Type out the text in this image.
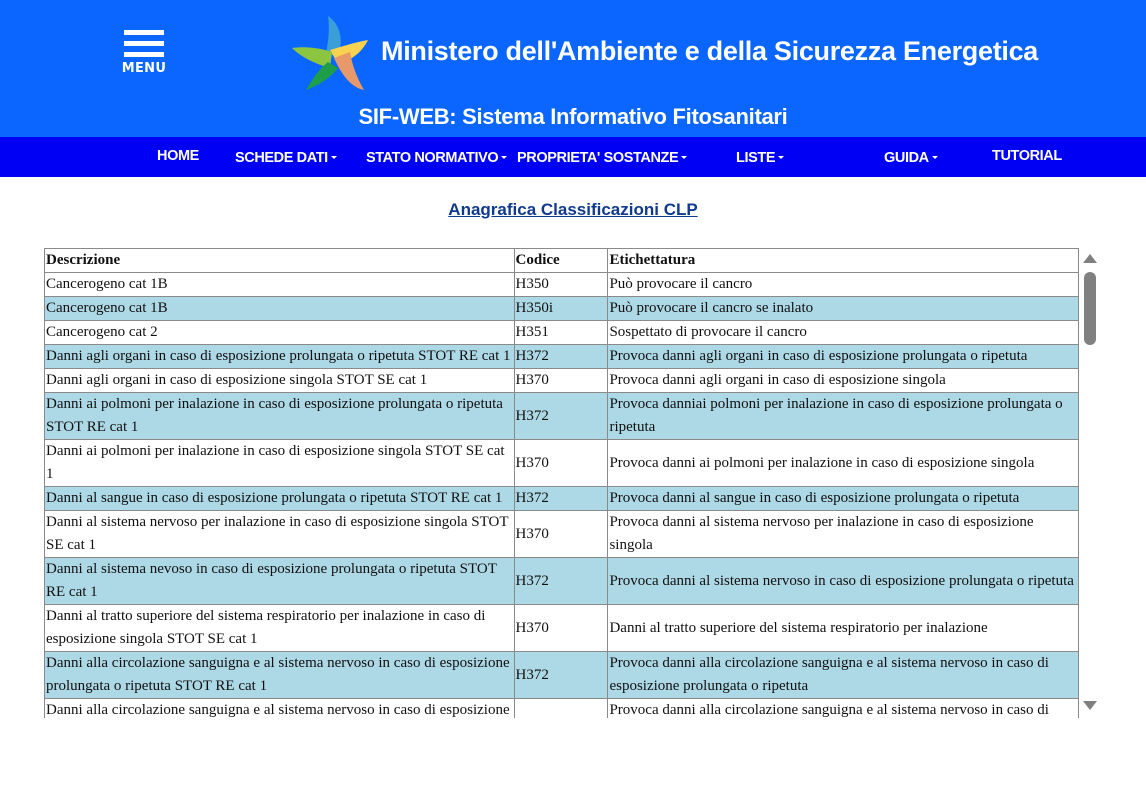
MENU
Ministero dell'Ambiente e della Sicurezza Energetica
SIF-WEB: Sistema Informativo Fitosanitari
HOME SCHEDE DATI	STATO NORMATIVO	PROPRIETA' SOSTANZE	LISTE	GUIDA	TUTORIAL
Anagrafica Classificazioni CLP
Descrizione	Codice	Etichettatura
Cancerogeno cat 1B	H350	Può provocare il cancro
Cancerogeno cat 1B	H350i	Può provocare il cancro se inalato
Cancerogeno cat 2	H351	Sospettato di provocare il cancro
Danni agli organi in caso di esposizione prolungata o ripetuta STOT RE cat 1	H372	Provoca danni agli organi in caso di esposizione prolungata o ripetuta
Danni agli organi in caso di esposizione singola STOT SE cat 1	H370	Provoca danni agli organi in caso di esposizione singola
Danni ai polmoni per inalazione in caso di esposizione prolungata o ripetuta STOT RE cat 1	H372	Provoca danniai polmoni per inalazione in caso di esposizione prolungata o ripetuta
Danni ai polmoni per inalazione in caso di esposizione singola STOT SE cat 1	H370	Provoca danni ai polmoni per inalazione in caso di esposizione singola
Danni al sangue in caso di esposizione prolungata o ripetuta STOT RE cat 1	H372	Provoca danni al sangue in caso di esposizione prolungata o ripetuta
Danni al sistema nervoso per inalazione in caso di esposizione singola STOT SE cat 1	H370	Provoca danni al sistema nervoso per inalazione in caso di esposizione singola
Danni al sistema nevoso in caso di esposizione prolungata o ripetuta STOT RE cat 1	H372	Provoca danni al sistema nervoso in caso di esposizione prolungata o ripetuta
Danni al tratto superiore del sistema respiratorio per inalazione in caso di esposizione singola STOT SE cat 1	H370	Danni al tratto superiore del sistema respiratorio per inalazione
Danni alla circolazione sanguigna e al sistema nervoso in caso di esposizione prolungata o ripetuta STOT RE cat 1	H372	Provoca danni alla circolazione sanguigna e al sistema nervoso in caso di esposizione prolungata o ripetuta
Danni alla circolazione sanguigna e al sistema nervoso in caso di esposizione		Provoca danni alla circolazione sanguigna e al sistema nervoso in caso di
